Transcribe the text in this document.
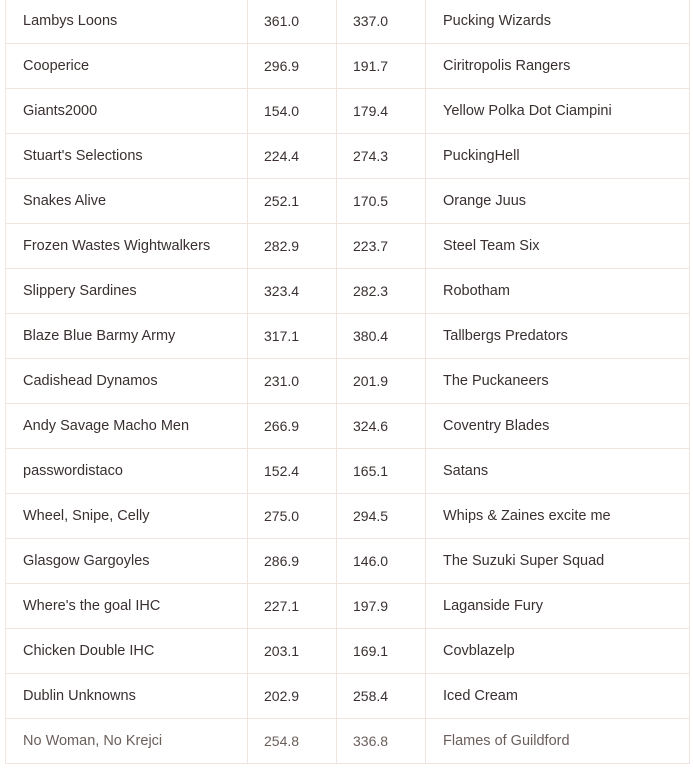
Lambys Loons	361.0	337.0	Pucking Wizards
Cooperice	296.9	191.7	Ciritropolis Rangers
Giants2000	154.0	179.4	Yellow Polka Dot Ciampini
Stuart's Selections	224.4	274.3	PuckingHell
Snakes Alive	252.1	170.5	Orange Juus
Frozen Wastes Wightwalkers	282.9	223.7	Steel Team Six
Slippery Sardines	323.4	282.3	Robotham
Blaze Blue Barmy Army	317.1	380.4	Tallbergs Predators
Cadishead Dynamos	231.0	201.9	The Puckaneers
Andy Savage Macho Men	266.9	324.6	Coventry Blades
passwordistaco	152.4	165.1	Satans
Wheel, Snipe, Celly	275.0	294.5	Whips & Zaines excite me
Glasgow Gargoyles	286.9	146.0	The Suzuki Super Squad
Where's the goal IHC	227.1	197.9	Laganside Fury
Chicken Double IHC	203.1	169.1	Covblazelp
Dublin Unknowns	202.9	258.4	Iced Cream
No Woman, No Krejci	254.8	336.8	Flames of Guildford
